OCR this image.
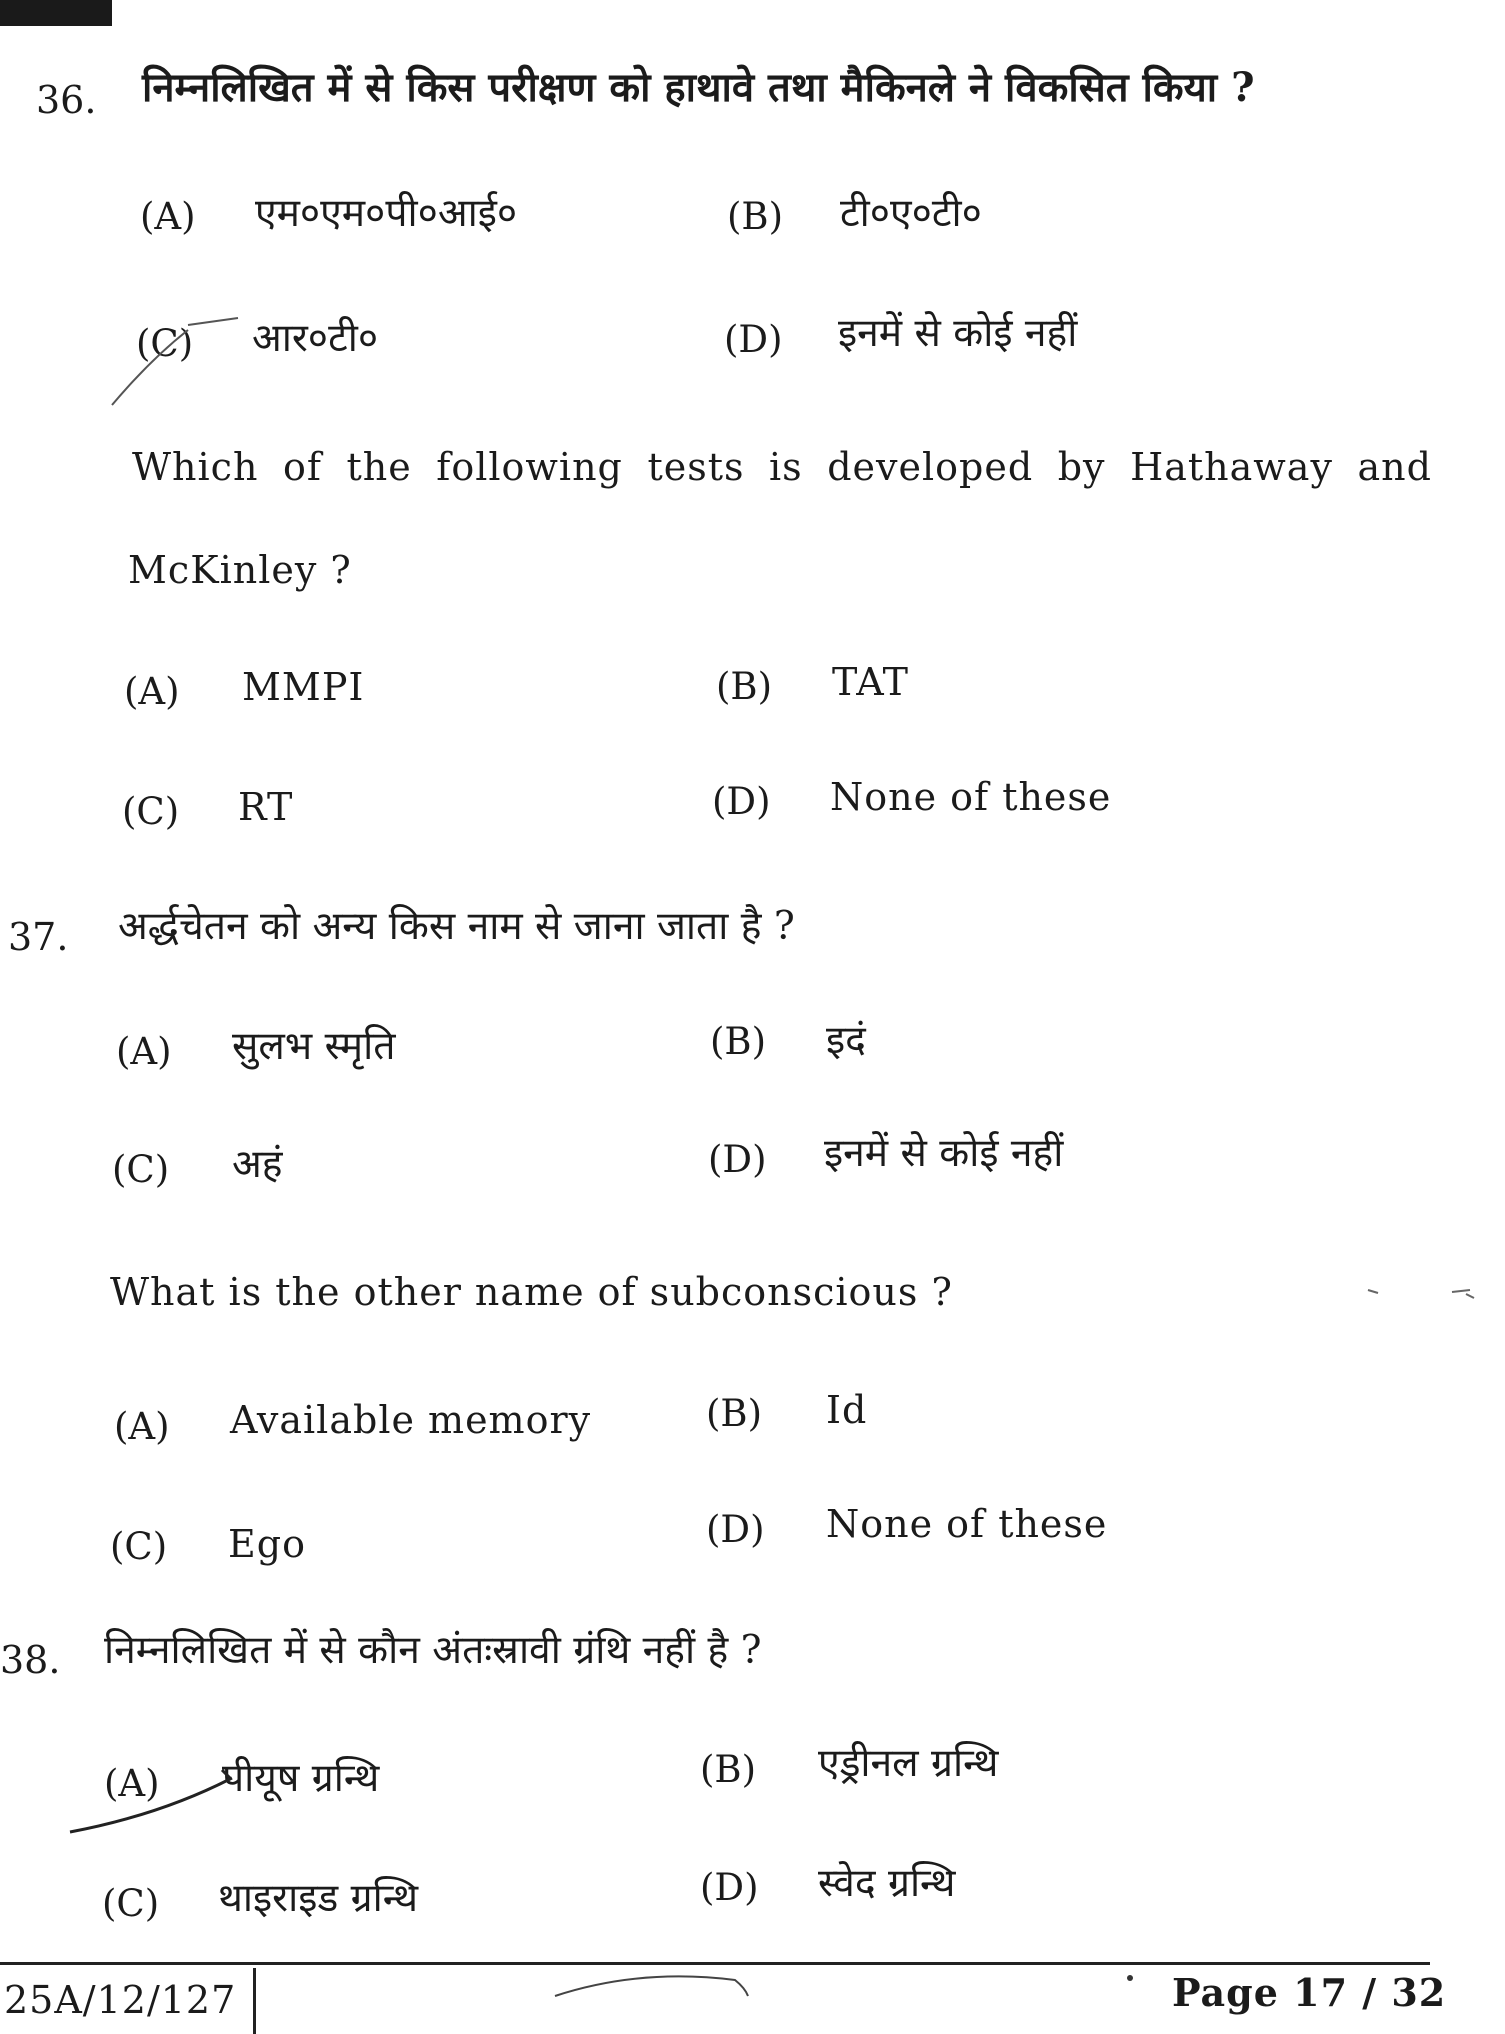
36. निम्नलिखित में से किस परीक्षण को हाथावे तथा मैकिनले ने विकसित किया ?
(A) एम०एम०पी०आई०	(B) टी०ए०टी०
(C) आर०टी०	(D) इनमें से कोई नहीं
Which of the following tests is developed by Hathaway and
McKinley ?
(A) MMPI	(B) TAT
(C) RT	(D) None of these
37. अर्द्धचेतन को अन्य किस नाम से जाना जाता है ?
(A) सुलभ स्मृति	(B) इदं
(C) अहं	(D) इनमें से कोई नहीं
What is the other name of subconscious ?
(A) Available memory	(B) Id
(C) Ego	(D) None of these
38. निम्नलिखित में से कौन अंतःस्रावी ग्रंथि नहीं है ?
(A) पीयूष ग्रन्थि	(B) एड्रीनल ग्रन्थि
(C) थाइराइड ग्रन्थि	(D) स्वेद ग्रन्थि
25A/12/127	Page 17 / 32
